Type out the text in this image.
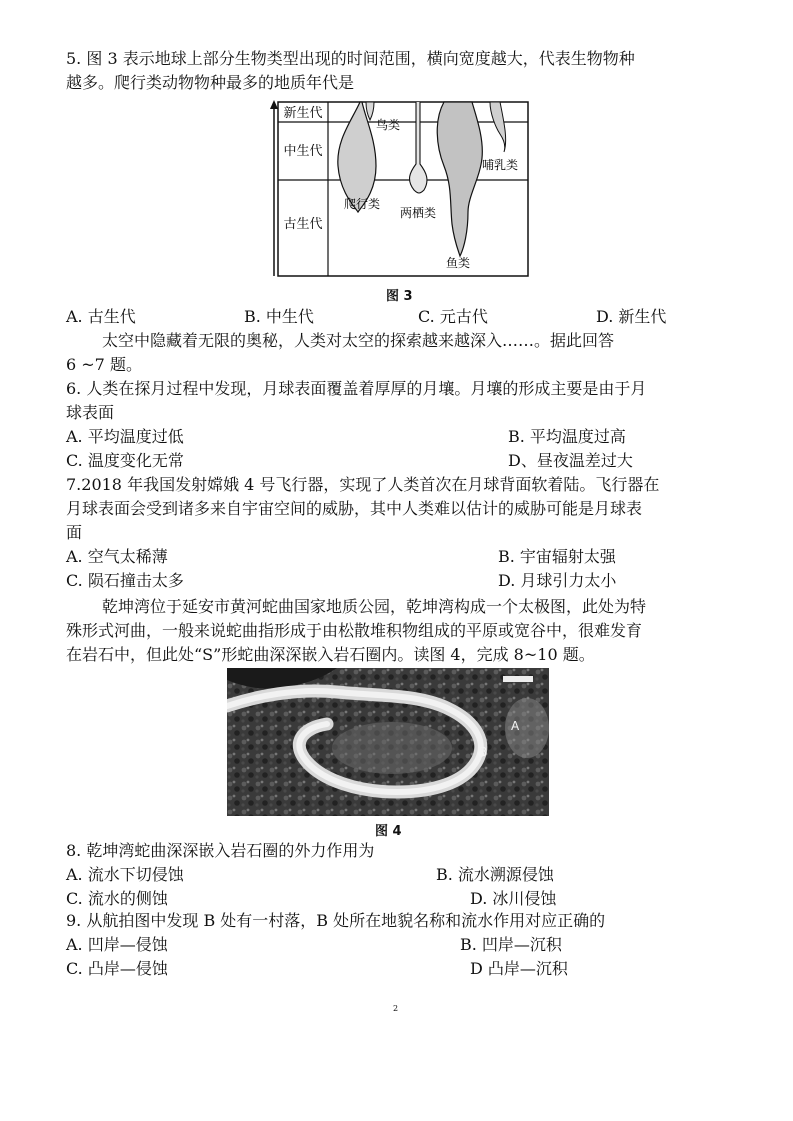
5. 图 3 表示地球上部分生物类型出现的时间范围，横向宽度越大，代表生物物种
越多。爬行类动物物种最多的地质年代是
新生代
中生代
古生代
鸟类
爬行类
两栖类
哺乳类
鱼类
图 3
A. 古生代	B. 中生代	C. 元古代	D. 新生代
太空中隐藏着无限的奥秘，人类对太空的探索越来越深入……。据此回答
6 ~7 题。
6. 人类在探月过程中发现，月球表面覆盖着厚厚的月壤。月壤的形成主要是由于月
球表面
A. 平均温度过低	B. 平均温度过高
C. 温度变化无常	D、昼夜温差过大
7.2018 年我国发射嫦娥 4 号飞行器，实现了人类首次在月球背面软着陆。飞行器在
月球表面会受到诸多来自宇宙空间的威胁，其中人类难以估计的威胁可能是月球表
面
A. 空气太稀薄	B. 宇宙辐射太强
C. 陨石撞击太多	D. 月球引力太小
乾坤湾位于延安市黄河蛇曲国家地质公园，乾坤湾构成一个太极图，此处为特
殊形式河曲，一般来说蛇曲指形成于由松散堆积物组成的平原或宽谷中，很难发育
在岩石中，但此处“S”形蛇曲深深嵌入岩石圈内。读图 4，完成 8~10 题。
A
B
图 4
8. 乾坤湾蛇曲深深嵌入岩石圈的外力作用为
A. 流水下切侵蚀	B. 流水溯源侵蚀
C. 流水的侧蚀	D. 冰川侵蚀
9. 从航拍图中发现 B 处有一村落，B 处所在地貌名称和流水作用对应正确的
A. 凹岸—侵蚀	B. 凹岸—沉积
C. 凸岸—侵蚀	D 凸岸—沉积
2
